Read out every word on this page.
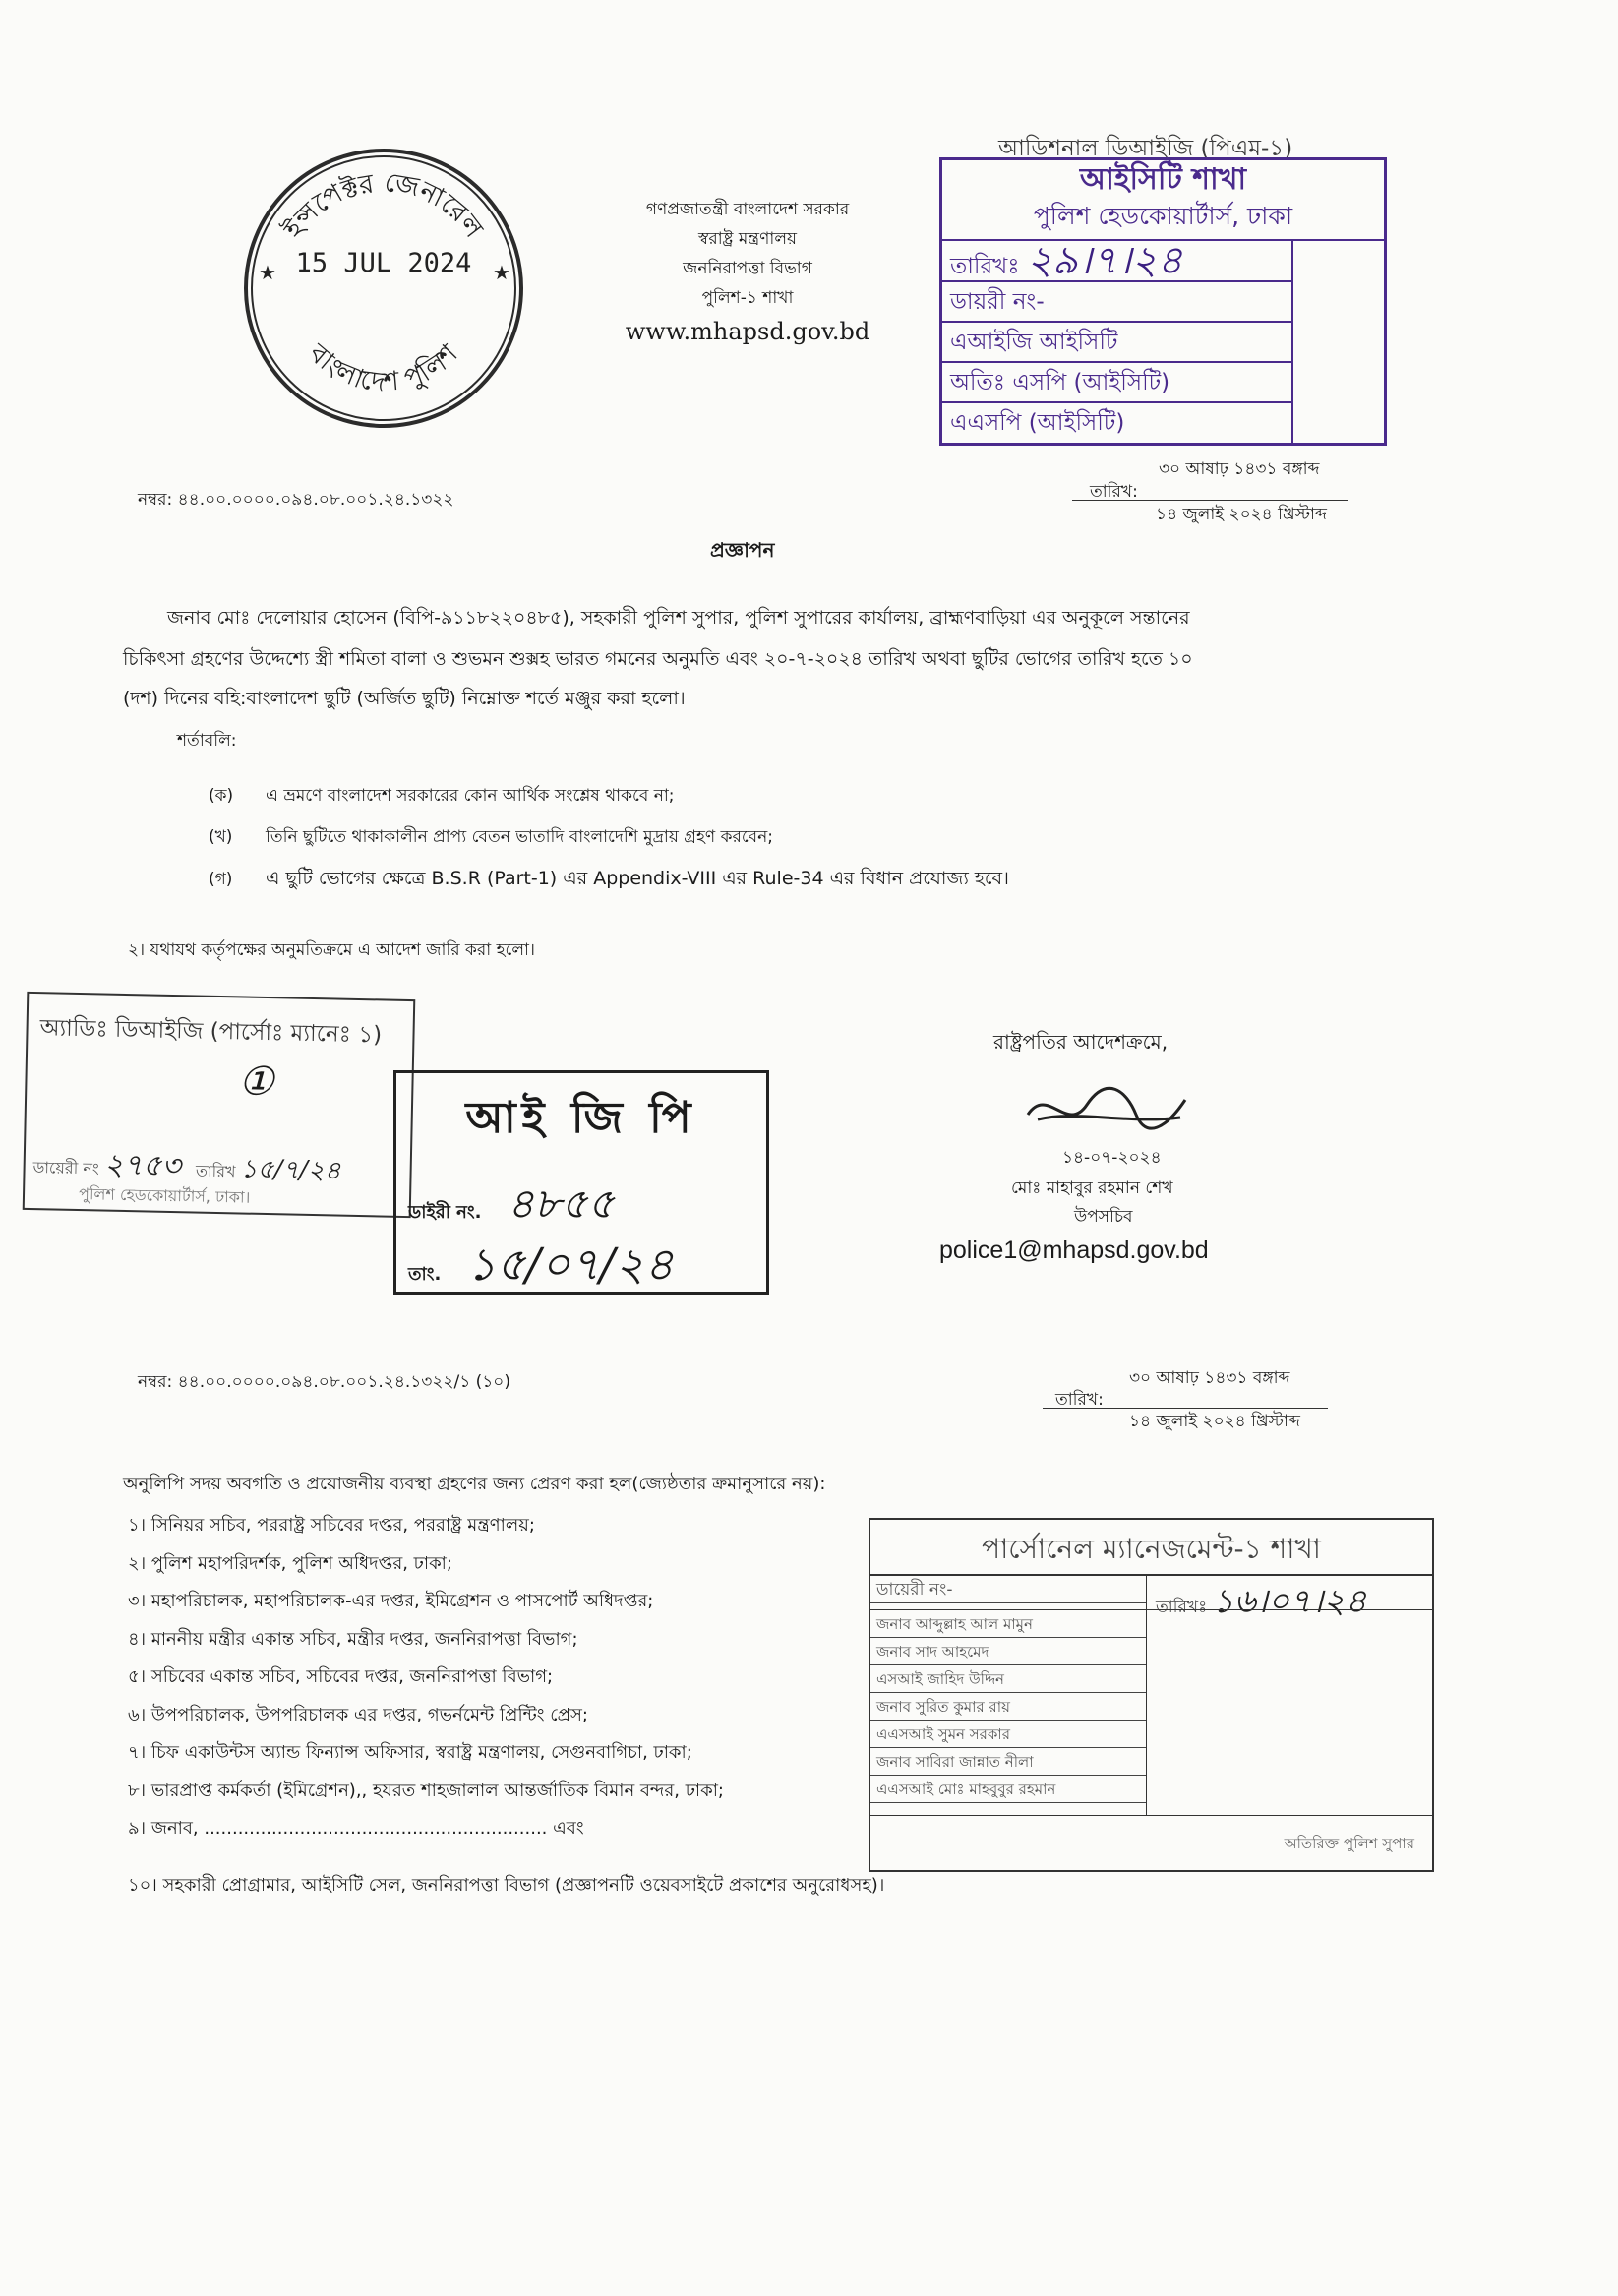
ইন্সপেক্টর জেনারেল
বাংলাদেশ পুলিশ
15 JUL 2024
★	★
গণপ্রজাতন্ত্রী বাংলাদেশ সরকার
স্বরাষ্ট্র মন্ত্রণালয়
জননিরাপত্তা বিভাগ
পুলিশ-১ শাখা
www.mhapsd.gov.bd
আডিশনাল ডিআইজি (পিএম-১)
আইসিটি শাখা
পুলিশ হেডকোয়ার্টার্স, ঢাকা
তারিখঃ ২৯।৭।২৪
ডায়রী নং-
এআইজি আইসিটি
অতিঃ এসপি (আইসিটি)
এএসপি (আইসিটি)
নম্বর: ৪৪.০০.০০০০.০৯৪.০৮.০০১.২৪.১৩২২
৩০ আষাঢ় ১৪৩১ বঙ্গাব্দ
তারিখ:
১৪ জুলাই ২০২৪ খ্রিস্টাব্দ
প্রজ্ঞাপন
জনাব মোঃ দেলোয়ার হোসেন (বিপি-৯১১৮২২০৪৮৫), সহকারী পুলিশ সুপার, পুলিশ সুপারের কার্যালয়, ব্রাহ্মণবাড়িয়া এর অনুকূলে সন্তানের
চিকিৎসা গ্রহণের উদ্দেশ্যে স্ত্রী শমিতা বালা ও শুভমন শুক্সহ ভারত গমনের অনুমতি এবং ২০-৭-২০২৪ তারিখ অথবা ছুটির ভোগের তারিখ হতে ১০
(দশ) দিনের বহি:বাংলাদেশ ছুটি (অর্জিত ছুটি) নিম্নোক্ত শর্তে মঞ্জুর করা হলো।
শর্তাবলি:
(ক) এ ভ্রমণে বাংলাদেশ সরকারের কোন আর্থিক সংশ্লেষ থাকবে না;
(খ) তিনি ছুটিতে থাকাকালীন প্রাপ্য বেতন ভাতাদি বাংলাদেশি মুদ্রায় গ্রহণ করবেন;
(গ) এ ছুটি ভোগের ক্ষেত্রে B.S.R (Part-1) এর Appendix-VIII এর Rule-34 এর বিধান প্রযোজ্য হবে।
২। যথাযথ কর্তৃপক্ষের অনুমতিক্রমে এ আদেশ জারি করা হলো।
অ্যাডিঃ ডিআইজি (পার্সোঃ ম্যানেঃ ১)
①
ডায়েরী নং ২৭৫৩ তারিখ ১৫/৭/২৪
পুলিশ হেডকোয়ার্টার্স, ঢাকা।
আই জি পি
ডাইরী নং. ৪৮৫৫
তাং. ১৫/০৭/২৪
রাষ্ট্রপতির আদেশক্রমে,
১৪-০৭-২০২৪
মোঃ মাহাবুর রহমান শেখ
উপসচিব
police1@mhapsd.gov.bd
নম্বর: ৪৪.০০.০০০০.০৯৪.০৮.০০১.২৪.১৩২২/১ (১০)	৩০ আষাঢ় ১৪৩১ বঙ্গাব্দ
তারিখ:
১৪ জুলাই ২০২৪ খ্রিস্টাব্দ
অনুলিপি সদয় অবগতি ও প্রয়োজনীয় ব্যবস্থা গ্রহণের জন্য প্রেরণ করা হল(জ্যেষ্ঠতার ক্রমানুসারে নয়):
১। সিনিয়র সচিব, পররাষ্ট্র সচিবের দপ্তর, পররাষ্ট্র মন্ত্রণালয়;
২। পুলিশ মহাপরিদর্শক, পুলিশ অধিদপ্তর, ঢাকা;
৩। মহাপরিচালক, মহাপরিচালক-এর দপ্তর, ইমিগ্রেশন ও পাসপোর্ট অধিদপ্তর;
৪। মাননীয় মন্ত্রীর একান্ত সচিব, মন্ত্রীর দপ্তর, জননিরাপত্তা বিভাগ;
৫। সচিবের একান্ত সচিব, সচিবের দপ্তর, জননিরাপত্তা বিভাগ;
৬। উপপরিচালক, উপপরিচালক এর দপ্তর, গভর্নমেন্ট প্রিন্টিং প্রেস;
৭। চিফ একাউন্টস অ্যান্ড ফিন্যান্স অফিসার, স্বরাষ্ট্র মন্ত্রণালয়, সেগুনবাগিচা, ঢাকা;
৮। ভারপ্রাপ্ত কর্মকর্তা (ইমিগ্রেশন),, হযরত শাহজালাল আন্তর্জাতিক বিমান বন্দর, ঢাকা;
৯। জনাব, ............................................................. এবং
১০। সহকারী প্রোগ্রামার, আইসিটি সেল, জননিরাপত্তা বিভাগ (প্রজ্ঞাপনটি ওয়েবসাইটে প্রকাশের অনুরোধসহ)।
পার্সোনেল ম্যানেজমেন্ট-১ শাখা
ডায়েরী নং-
তারিখঃ ১৬।০৭।২৪
জনাব আব্দুল্লাহ আল মামুন
জনাব সাদ আহমেদ
এসআই জাহিদ উদ্দিন
জনাব সুরিত কুমার রায়
এএসআই সুমন সরকার
জনাব সাবিরা জান্নাত নীলা
এএসআই মোঃ মাহবুবুর রহমান
অতিরিক্ত পুলিশ সুপার
